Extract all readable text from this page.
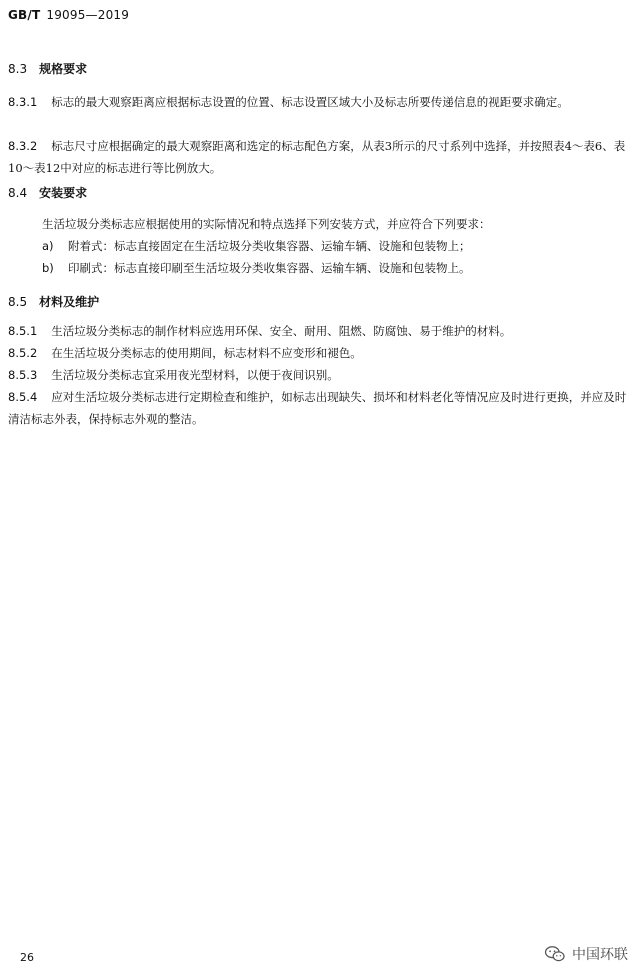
GB/T 19095—2019
8.3 规格要求
8.3.1 标志的最大观察距离应根据标志设置的位置、标志设置区域大小及标志所要传递信息的视距要求确定。
8.3.2 标志尺寸应根据确定的最大观察距离和选定的标志配色方案，从表3所示的尺寸系列中选择，并按照表4～表6、表10～表12中对应的标志进行等比例放大。
8.4 安装要求
生活垃圾分类标志应根据使用的实际情况和特点选择下列安装方式，并应符合下列要求：
a) 附着式：标志直接固定在生活垃圾分类收集容器、运输车辆、设施和包装物上；
b) 印刷式：标志直接印刷至生活垃圾分类收集容器、运输车辆、设施和包装物上。
8.5 材料及维护
8.5.1 生活垃圾分类标志的制作材料应选用环保、安全、耐用、阻燃、防腐蚀、易于维护的材料。
8.5.2 在生活垃圾分类标志的使用期间，标志材料不应变形和褪色。
8.5.3 生活垃圾分类标志宜采用夜光型材料，以便于夜间识别。
8.5.4 应对生活垃圾分类标志进行定期检查和维护，如标志出现缺失、损坏和材料老化等情况应及时进行更换，并应及时清洁标志外表，保持标志外观的整洁。
26	中国环联
